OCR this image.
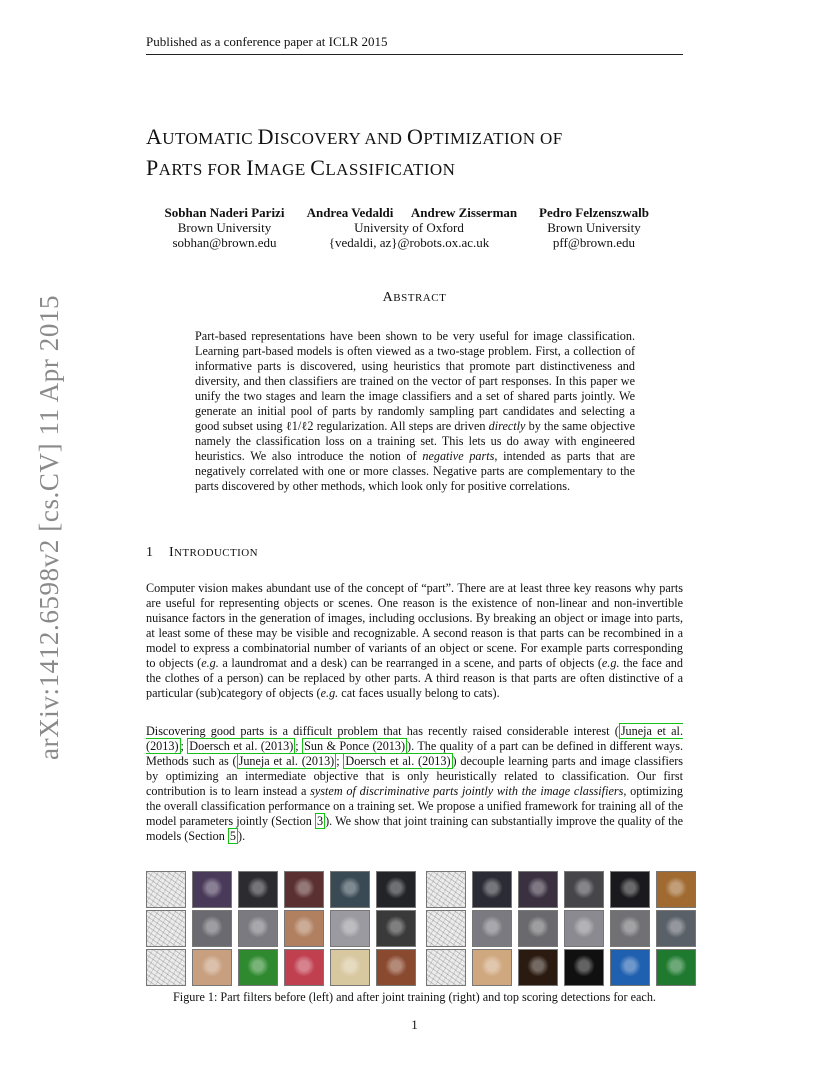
Published as a conference paper at ICLR 2015
AUTOMATIC DISCOVERY AND OPTIMIZATION OF
PARTS FOR IMAGE CLASSIFICATION
Sobhan Naderi Parizi
Brown University
sobhan@brown.edu
Andrea Vedaldi
University of Oxford
{vedaldi, az}@robots.ox.ac.uk
Andrew Zisserman	Pedro Felzenszwalb
Brown University
pff@brown.edu
arXiv:1412.6598v2 [cs.CV] 11 Apr 2015	ABSTRACT
Part-based representations have been shown to be very useful for image classification. Learning part-based models is often viewed as a two-stage problem. First, a collection of informative parts is discovered, using heuristics that promote part distinctiveness and diversity, and then classifiers are trained on the vector of part responses. In this paper we unify the two stages and learn the image classifiers and a set of shared parts jointly. We generate an initial pool of parts by randomly sampling part candidates and selecting a good subset using ℓ1/ℓ2 regularization. All steps are driven directly by the same objective namely the classification loss on a training set. This lets us do away with engineered heuristics. We also introduce the notion of negative parts, intended as parts that are negatively correlated with one or more classes. Negative parts are complementary to the parts discovered by other methods, which look only for positive correlations.
1 INTRODUCTION
Computer vision makes abundant use of the concept of “part”. There are at least three key reasons why parts are useful for representing objects or scenes. One reason is the existence of non-linear and non-invertible nuisance factors in the generation of images, including occlusions. By breaking an object or image into parts, at least some of these may be visible and recognizable. A second reason is that parts can be recombined in a model to express a combinatorial number of variants of an object or scene. For example parts corresponding to objects (e.g. a laundromat and a desk) can be rearranged in a scene, and parts of objects (e.g. the face and the clothes of a person) can be replaced by other parts. A third reason is that parts are often distinctive of a particular (sub)category of objects (e.g. cat faces usually belong to cats).
Discovering good parts is a difficult problem that has recently raised considerable interest ( Juneja et al. (2013) ; Doersch et al. (2013) ; Sun & Ponce (2013) ). The quality of a part can be defined in different ways. Methods such as ( Juneja et al. (2013) ; Doersch et al. (2013) ) decouple learning parts and image classifiers by optimizing an intermediate objective that is only heuristically related to classification. Our first contribution is to learn instead a system of discriminative parts jointly with the image classifiers, optimizing the overall classification performance on a training set. We propose a unified framework for training all of the model parameters jointly (Section 3 ). We show that joint training can substantially improve the quality of the models (Section 5 ).
Figure 1: Part filters before (left) and after joint training (right) and top scoring detections for each.
1
